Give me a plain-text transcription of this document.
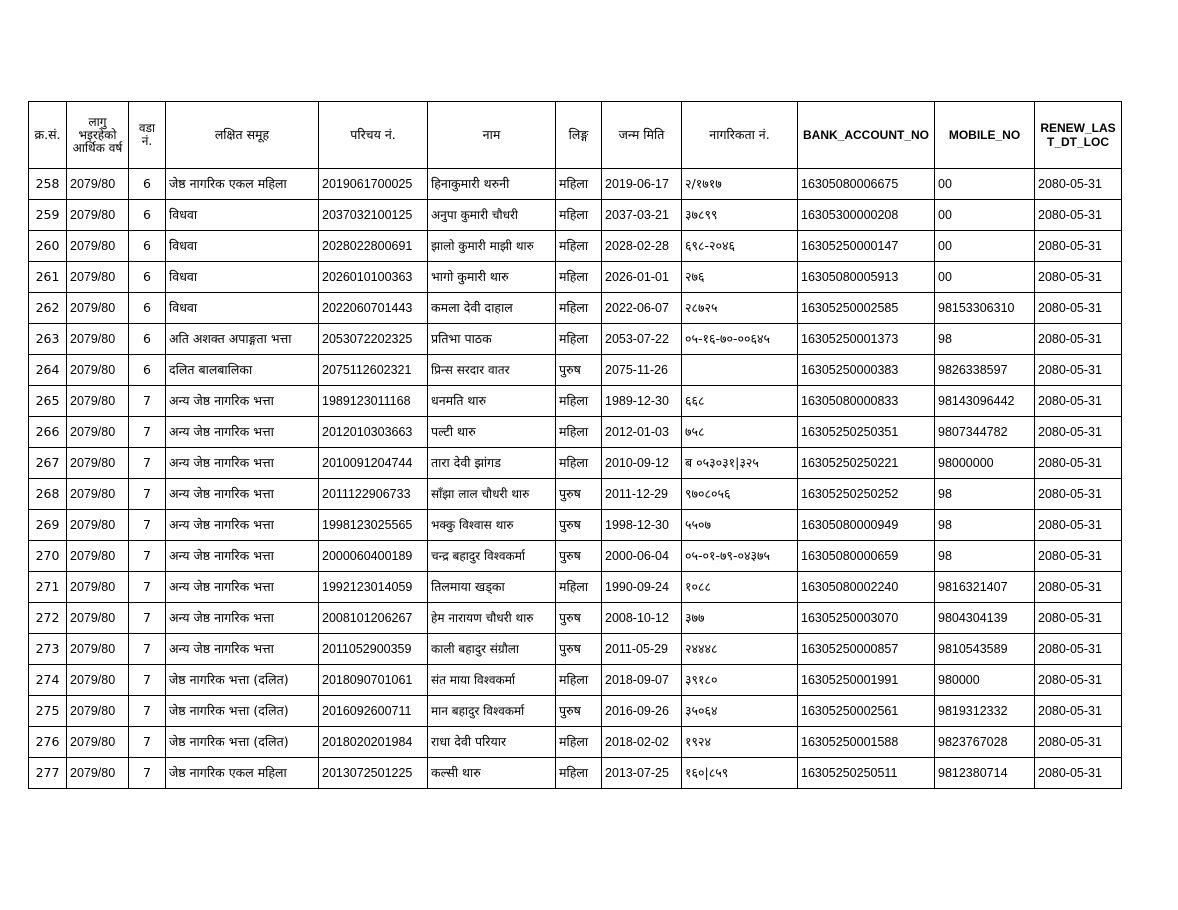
क्र.सं.	लागु भइरहेको आर्थिक वर्ष	वडा नं.	लक्षित समूह	परिचय नं.	नाम	लिङ्ग	जन्म मिति	नागरिकता नं.	BANK_ACCOUNT_NO	MOBILE_NO	RENEW_LAST_DT_LOC
258	2079/80	6	जेष्ठ नागरिक एकल महिला	2019061700025	हिनाकुमारी थरुनी	महिला	2019-06-17	२/१७१७	16305080006675	00	2080-05-31
259	2079/80	6	विधवा	2037032100125	अनुपा कुमारी चौधरी	महिला	2037-03-21	३७८९९	16305300000208	00	2080-05-31
260	2079/80	6	विधवा	2028022800691	झालो कुमारी माझी थारु	महिला	2028-02-28	६९८-२०४६	16305250000147	00	2080-05-31
261	2079/80	6	विधवा	2026010100363	भागो कुमारी थारु	महिला	2026-01-01	२७६	16305080005913	00	2080-05-31
262	2079/80	6	विधवा	2022060701443	कमला देवी दाहाल	महिला	2022-06-07	२८७२५	16305250002585	98153306310	2080-05-31
263	2079/80	6	अति अशक्त अपाङ्गता भत्ता	2053072202325	प्रतिभा पाठक	महिला	2053-07-22	०५-१६-७०-००६४५	16305250001373	98	2080-05-31
264	2079/80	6	दलित बालबालिका	2075112602321	प्रिन्स सरदार वातर	पुरुष	2075-11-26		16305250000383	9826338597	2080-05-31
265	2079/80	7	अन्य जेष्ठ नागरिक भत्ता	1989123011168	धनमति थारु	महिला	1989-12-30	६६८	16305080000833	98143096442	2080-05-31
266	2079/80	7	अन्य जेष्ठ नागरिक भत्ता	2012010303663	पल्टी थारु	महिला	2012-01-03	७५८	16305250250351	9807344782	2080-05-31
267	2079/80	7	अन्य जेष्ठ नागरिक भत्ता	2010091204744	तारा देवी झांगड	महिला	2010-09-12	ब ०५३०३१|३२५	16305250250221	98000000	2080-05-31
268	2079/80	7	अन्य जेष्ठ नागरिक भत्ता	2011122906733	साँझा लाल चौधरी थारु	पुरुष	2011-12-29	९७०८०५६	16305250250252	98	2080-05-31
269	2079/80	7	अन्य जेष्ठ नागरिक भत्ता	1998123025565	भक्कु विश्वास थारु	पुरुष	1998-12-30	५५०७	16305080000949	98	2080-05-31
270	2079/80	7	अन्य जेष्ठ नागरिक भत्ता	2000060400189	चन्द्र बहादुर विश्वकर्मा	पुरुष	2000-06-04	०५-०१-७९-०४३७५	16305080000659	98	2080-05-31
271	2079/80	7	अन्य जेष्ठ नागरिक भत्ता	1992123014059	तिलमाया खड्का	महिला	1990-09-24	१०८८	16305080002240	9816321407	2080-05-31
272	2079/80	7	अन्य जेष्ठ नागरिक भत्ता	2008101206267	हेम नारायण चौधरी थारु	पुरुष	2008-10-12	३७७	16305250003070	9804304139	2080-05-31
273	2079/80	7	अन्य जेष्ठ नागरिक भत्ता	2011052900359	काली बहादुर संग्रौला	पुरुष	2011-05-29	२४४४८	16305250000857	9810543589	2080-05-31
274	2079/80	7	जेष्ठ नागरिक भत्ता (दलित)	2018090701061	संत माया विश्वकर्मा	महिला	2018-09-07	३९१८०	16305250001991	980000	2080-05-31
275	2079/80	7	जेष्ठ नागरिक भत्ता (दलित)	2016092600711	मान बहादुर विश्वकर्मा	पुरुष	2016-09-26	३५०६४	16305250002561	9819312332	2080-05-31
276	2079/80	7	जेष्ठ नागरिक भत्ता (दलित)	2018020201984	राधा देवी परियार	महिला	2018-02-02	१९२४	16305250001588	9823767028	2080-05-31
277	2079/80	7	जेष्ठ नागरिक एकल महिला	2013072501225	कल्सी थारु	महिला	2013-07-25	१६०|८५९	16305250250511	9812380714	2080-05-31
